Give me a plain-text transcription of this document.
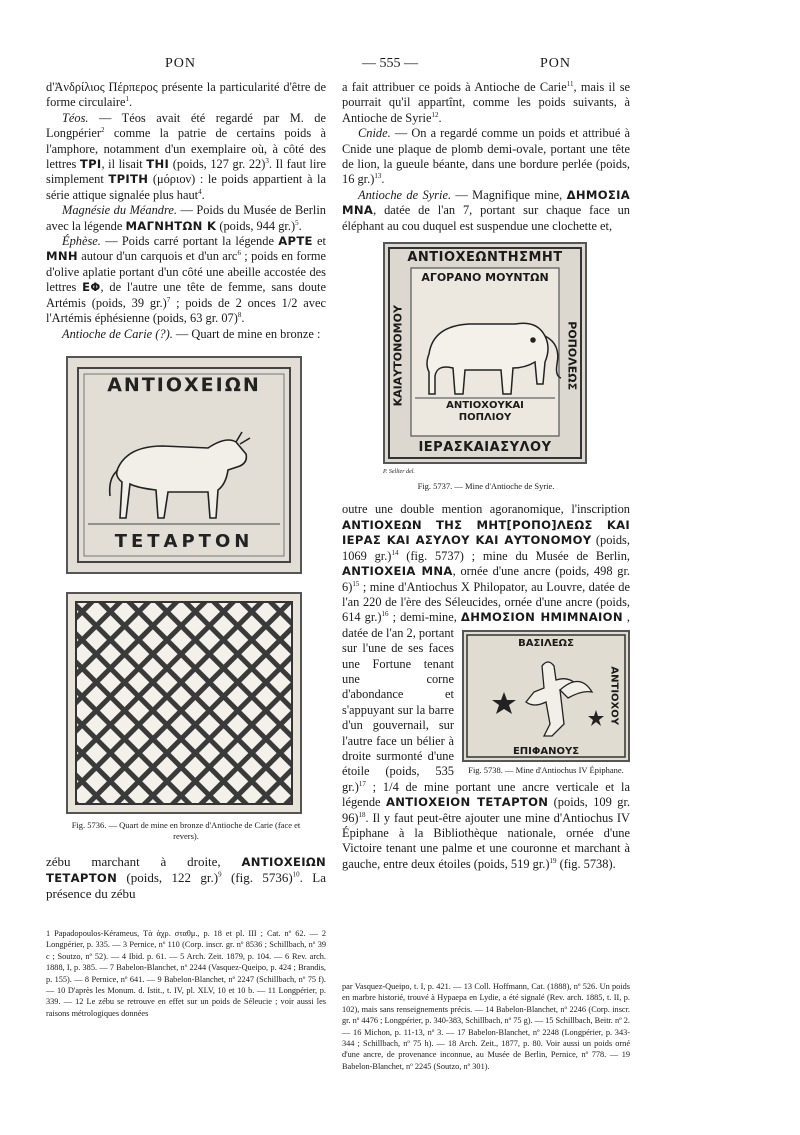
PON	— 555 —	PON

d'Ἀνδρίλιος Πέρπερος présente la particularité d'être de forme circulaire$^1$.

Téos. — Téos avait été regardé par M. de Longpérier$^2$ comme la patrie de certains poids à l'amphore, notamment d'un exemplaire où, à côté des lettres ΤΡΙ, il lisait ΤΗΙ (poids, 127 gr. 22)$^3$. Il faut lire simplement ΤΡΙΤΗ (μόριον) : le poids appartient à la série attique signalée plus haut$^4$.

Magnésie du Méandre. — Poids du Musée de Berlin avec la légende ΜΑΓΝΗΤΩΝ Κ (poids, 944 gr.)$^5$.

Éphèse. — Poids carré portant la légende ΑΡΤΕ et ΜΝΗ autour d'un carquois et d'un arc$^6$ ; poids en forme d'olive aplatie portant d'un côté une abeille accostée des lettres ΕΦ, de l'autre une tête de femme, sans doute Artémis (poids, 39 gr.)$^7$ ; poids de 2 onces 1/2 avec l'Artémis éphésienne (poids, 63 gr. 07)$^8$.

Antioche de Carie (?). — Quart de mine en bronze :

ΑΝΤΙΟΧΕΙΩΝ
ΤΕΤΑΡΤΟΝ
Fig. 5736. — Quart de mine en bronze d'Antioche de Carie (face et revers).

zébu marchant à droite, ΑΝΤΙΟΧΕΙΩΝ ΤΕΤΑΡΤΟΝ (poids, 122 gr.)$^9$ (fig. 5736)$^{10}$. La présence du zébu

a fait attribuer ce poids à Antioche de Carie$^{11}$, mais il se pourrait qu'il appartînt, comme les poids suivants, à Antioche de Syrie$^{12}$.

Cnide. — On a regardé comme un poids et attribué à Cnide une plaque de plomb demi-ovale, portant une tête de lion, la gueule béante, dans une bordure perlée (poids, 16 gr.)$^{13}$.

Antioche de Syrie. — Magnifique mine, ΔΗΜΟΣΙΑ ΜΝΑ, datée de l'an 7, portant sur chaque face un éléphant au cou duquel est suspendue une clochette et,

ΑΝΤΙΟΧΕΩΝΤΗΣΜΗΤ
ΑΓΟΡΑΝΟ ΜΟΥΝΤΩΝ
ΑΝΤΙΟΧΟΥΚΑΙ ΠΟΠΛΙΟΥ
ΙΕΡΑΣΚΑΙΑΣΥΛΟΥ
ΚΑΙΑΥΤΟΝΟΜΟΥ	ΡΟΠΟΛΕΩΣ
P. Sellier del.
Fig. 5737. — Mine d'Antioche de Syrie.

outre une double mention agoranomique, l'inscription ΑΝΤΙΟΧΕΩΝ ΤΗΣ ΜΗΤ[ΡΟΠΟ]ΛΕΩΣ ΚΑΙ ΙΕΡΑΣ ΚΑΙ ΑΣΥΛΟΥ ΚΑΙ ΑΥΤΟΝΟΜΟΥ (poids, 1069 gr.)$^{14}$ (fig. 5737) ; mine du Musée de Berlin, ΑΝΤΙΟΧΕΙΑ ΜΝΑ, ornée d'une ancre (poids, 498 gr. 6)$^{15}$ ; mine d'Antiochus X Philopator, au Louvre, datée de l'an 220 de l'ère des Séleucides, ornée d'une ancre (poids, 614 gr.)$^{16}$ ; demi-mine, ΔΗΜΟΣΙΟΝ ΗΜΙΜΝΑΙΟΝ
ΒΑΣΙΛΕΩΣ
ΑΝΤΙΟΧΟΥ
ΕΠΙΦΑΝΟΥΣ
Fig. 5738. — Mine d'Antiochus IV Épiphane.
, datée de l'an 2, portant sur l'une de ses faces une Fortune tenant une corne d'abondance et s'appuyant sur la barre d'un gouvernail, sur l'autre face un bélier à droite surmonté d'une étoile (poids, 535 gr.)$^{17}$ ; 1/4 de mine portant une ancre verticale et la légende ΑΝΤΙΟΧΕΙΟΝ ΤΕΤΑΡΤΟΝ (poids, 109 gr. 96)$^{18}$. Il y faut peut-être ajouter une mine d'Antiochus IV Épiphane à la Bibliothèque nationale, ornée d'une Victoire tenant une palme et une couronne et marchant à gauche, entre deux étoiles (poids, 519 gr.)$^{19}$ (fig. 5738).

1 Papadopoulos-Kérameus, Τὰ ἀχρ. σταθμ., p. 18 et pl. III ; Cat. nº 62. — 2 Longpérier, p. 335. — 3 Pernice, nº 110 (Corp. inscr. gr. nº 8536 ; Schillbach, nº 39 c ; Soutzo, nº 52). — 4 Ibid. p. 61. — 5 Arch. Zeit. 1879, p. 104. — 6 Rev. arch. 1888, I, p. 385. — 7 Babelon-Blanchet, nº 2244 (Vasquez-Queipo, p. 424 ; Brandis, p. 155). — 8 Pernice, nº 641. — 9 Babelon-Blanchet, nº 2247 (Schillbach, nº 75 f). — 10 D'après les Monum. d. Istit., t. IV, pl. XLV, 10 et 10 b. — 11 Longpérier, p. 339. — 12 Le zébu se retrouve en effet sur un poids de Séleucie ; voir aussi les raisons métrologiques données
par Vasquez-Queipo, t. I, p. 421. — 13 Coll. Hoffmann, Cat. (1888), nº 526. Un poids en marbre historié, trouvé à Hypaepa en Lydie, a été signalé (Rev. arch. 1885, t. II, p. 102), mais sans renseignements précis. — 14 Babelon-Blanchet, nº 2246 (Corp. inscr. gr. nº 4476 ; Longpérier, p. 340-383, Schillbach, nº 75 g). — 15 Schillbach, Beitr. nº 2. — 16 Michon, p. 11-13, nº 3. — 17 Babelon-Blanchet, nº 2248 (Longpérier, p. 343-344 ; Schillbach, nº 75 h). — 18 Arch. Zeit., 1877, p. 80. Voir aussi un poids orné d'une ancre, de provenance inconnue, au Musée de Berlin, Pernice, nº 778. — 19 Babelon-Blanchet, nº 2245 (Soutzo, nº 301).
